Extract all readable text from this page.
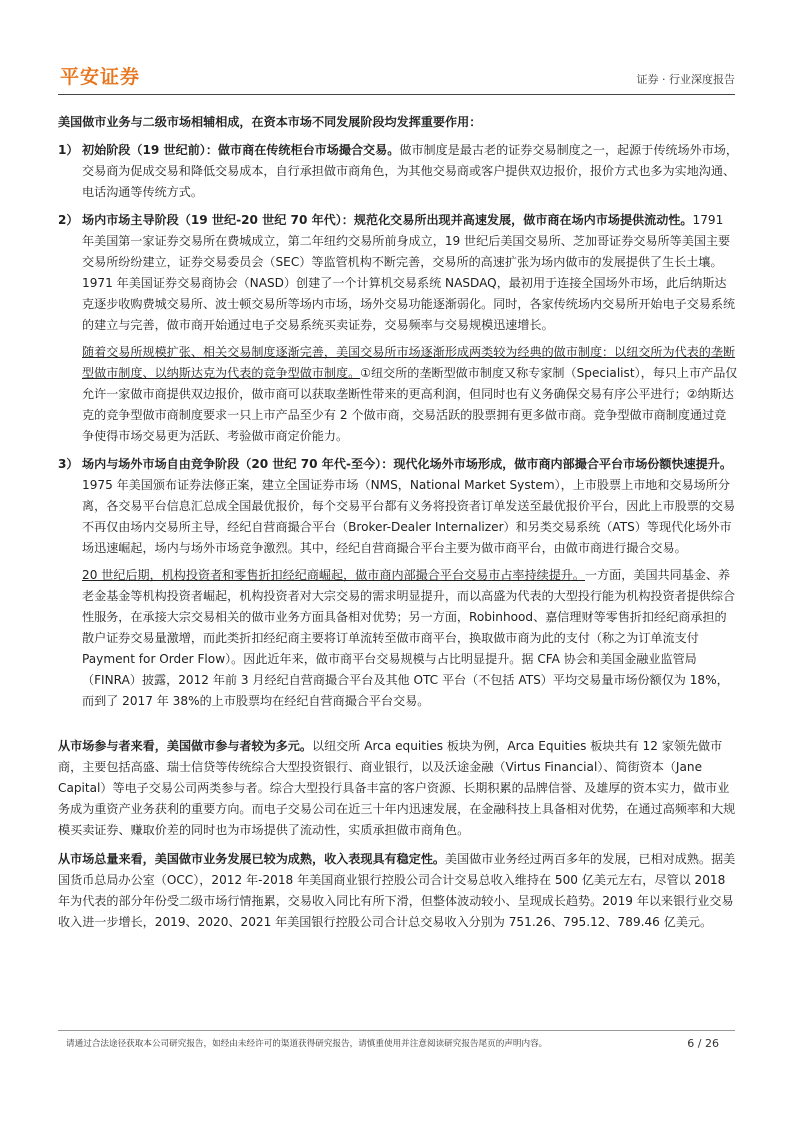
平安证券	证券 · 行业深度报告

美国做市业务与二级市场相辅相成，在资本市场不同发展阶段均发挥重要作用：

1） 初始阶段（19 世纪前）：做市商在传统柜台市场撮合交易。做市制度是最古老的证券交易制度之一，起源于传统场外市场，交易商为促成交易和降低交易成本，自行承担做市商角色，为其他交易商或客户提供双边报价，报价方式也多为实地沟通、电话沟通等传统方式。

2） 场内市场主导阶段（19 世纪-20 世纪 70 年代）：规范化交易所出现并高速发展，做市商在场内市场提供流动性。1791 年美国第一家证券交易所在费城成立，第二年纽约交易所前身成立，19 世纪后美国交易所、芝加哥证券交易所等美国主要交易所纷纷建立，证券交易委员会（SEC）等监管机构不断完善，交易所的高速扩张为场内做市的发展提供了生长土壤。1971 年美国证券交易商协会（NASD）创建了一个计算机交易系统 NASDAQ，最初用于连接全国场外市场，此后纳斯达克逐步收购费城交易所、波士顿交易所等场内市场，场外交易功能逐渐弱化。同时，各家传统场内交易所开始电子交易系统的建立与完善，做市商开始通过电子交易系统买卖证券，交易频率与交易规模迅速增长。

随着交易所规模扩张、相关交易制度逐渐完善，美国交易所市场逐渐形成两类较为经典的做市制度：以纽交所为代表的垄断型做市制度、以纳斯达克为代表的竞争型做市制度。①纽交所的垄断型做市制度又称专家制（Specialist），每只上市产品仅允许一家做市商提供双边报价，做市商可以获取垄断性带来的更高利润，但同时也有义务确保交易有序公平进行；②纳斯达克的竞争型做市商制度要求一只上市产品至少有 2 个做市商，交易活跃的股票拥有更多做市商。竞争型做市商制度通过竞争使得市场交易更为活跃、考验做市商定价能力。

3） 场内与场外市场自由竞争阶段（20 世纪 70 年代-至今）：现代化场外市场形成，做市商内部撮合平台市场份额快速提升。1975 年美国颁布证券法修正案，建立全国证券市场（NMS，National Market System），上市股票上市地和交易场所分离，各交易平台信息汇总成全国最优报价，每个交易平台都有义务将投资者订单发送至最优报价平台，因此上市股票的交易不再仅由场内交易所主导，经纪自营商撮合平台（Broker-Dealer Internalizer）和另类交易系统（ATS）等现代化场外市场迅速崛起，场内与场外市场竞争激烈。其中，经纪自营商撮合平台主要为做市商平台，由做市商进行撮合交易。

20 世纪后期，机构投资者和零售折扣经纪商崛起，做市商内部撮合平台交易市占率持续提升。一方面，美国共同基金、养老金基金等机构投资者崛起，机构投资者对大宗交易的需求明显提升，而以高盛为代表的大型投行能为机构投资者提供综合性服务，在承接大宗交易相关的做市业务方面具备相对优势；另一方面，Robinhood、嘉信理财等零售折扣经纪商承担的散户证券交易量激增，而此类折扣经纪商主要将订单流转至做市商平台，换取做市商为此的支付（称之为订单流支付 Payment for Order Flow）。因此近年来，做市商平台交易规模与占比明显提升。据 CFA 协会和美国金融业监管局（FINRA）披露，2012 年前 3 月经纪自营商撮合平台及其他 OTC 平台（不包括 ATS）平均交易量市场份额仅为 18%，而到了 2017 年 38%的上市股票均在经纪自营商撮合平台交易。

从市场参与者来看，美国做市参与者较为多元。以纽交所 Arca equities 板块为例，Arca Equities 板块共有 12 家领先做市商，主要包括高盛、瑞士信贷等传统综合大型投资银行、商业银行，以及沃途金融（Virtus Financial）、简街资本（Jane Capital）等电子交易公司两类参与者。综合大型投行具备丰富的客户资源、长期积累的品牌信誉、及雄厚的资本实力，做市业务成为重资产业务获利的重要方向。而电子交易公司在近三十年内迅速发展，在金融科技上具备相对优势，在通过高频率和大规模买卖证券、赚取价差的同时也为市场提供了流动性，实质承担做市商角色。

从市场总量来看，美国做市业务发展已较为成熟，收入表现具有稳定性。美国做市业务经过两百多年的发展，已相对成熟。据美国货币总局办公室（OCC），2012 年-2018 年美国商业银行控股公司合计交易总收入维持在 500 亿美元左右，尽管以 2018 年为代表的部分年份受二级市场行情拖累，交易收入同比有所下滑，但整体波动较小、呈现成长趋势。2019 年以来银行业交易收入进一步增长，2019、2020、2021 年美国银行控股公司合计总交易收入分别为 751.26、795.12、789.46 亿美元。

请通过合法途径获取本公司研究报告，如经由未经许可的渠道获得研究报告，请慎重使用并注意阅读研究报告尾页的声明内容。	6 / 26
